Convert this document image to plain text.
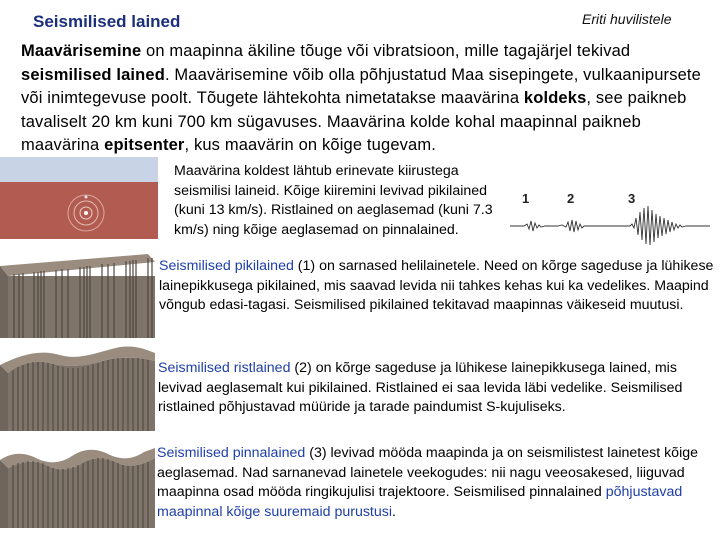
Seismilised lained	Eriti huvilistele
Maavärisemine on maapinna äkiline tõuge või vibratsioon, mille tagajärjel tekivad seismilised lained. Maavärisemine võib olla põhjustatud Maa sisepingete, vulkaanipursete või inimtegevuse poolt. Tõugete lähtekohta nimetatakse maavärina koldeks, see paikneb tavaliselt 20 km kuni 700 km sügavuses. Maavärina kolde kohal maapinnal paikneb maavärina epitsenter, kus maavärin on kõige tugevam.
Maavärina koldest lähtub erinevate kiirustega seismilisi laineid. Kõige kiiremini levivad pikilained (kuni 13 km/s). Ristlained on aeglasemad (kuni 7.3 km/s) ning kõige aeglasemad on pinnalained.
1	2	3
Seismilised pikilained (1) on sarnased helilainetele. Need on kõrge sageduse ja lühikese lainepikkusega pikilained, mis saavad levida nii tahkes kehas kui ka vedelikes. Maapind võngub edasi-tagasi. Seismilised pikilained tekitavad maapinnas väikeseid muutusi.
Seismilised ristlained (2) on kõrge sageduse ja lühikese lainepikkusega lained, mis levivad aeglasemalt kui pikilained. Ristlained ei saa levida läbi vedelike. Seismilised ristlained põhjustavad müüride ja tarade paindumist S-kujuliseks.
Seismilised pinnalained (3) levivad mööda maapinda ja on seismilistest lainetest kõige aeglasemad. Nad sarnanevad lainetele veekogudes: nii nagu veeosakesed, liiguvad maapinna osad mööda ringikujulisi trajektoore. Seismilised pinnalained põhjustavad maapinnal kõige suuremaid purustusi.
